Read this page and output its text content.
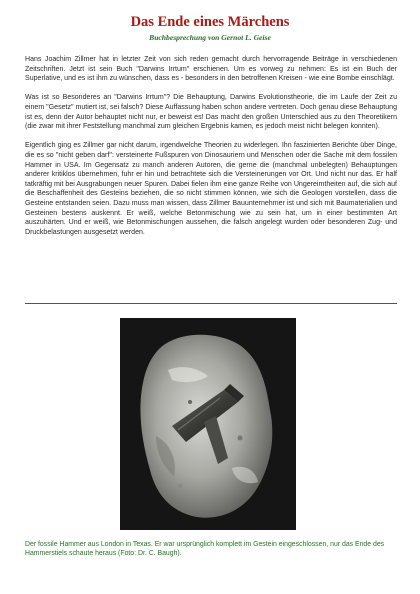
Das Ende eines Märchens
Buchbesprechung von Gernot L. Geise

Hans Joachim Zillmer hat in letzter Zeit von sich reden gemacht durch hervorragende Beiträge in verschiedenen Zeitschriften. Jetzt ist sein Buch "Darwins Irrtum" erschienen. Um es vorweg zu nehmen: Es ist ein Buch der Superlative, und es ist ihm zu wünschen, dass es - besonders in den betroffenen Kreisen - wie eine Bombe einschlägt.

Was ist so Besonderes an "Darwins Irrtum"? Die Behauptung, Darwins Evolutionstheorie, die im Laufe der Zeit zu einem "Gesetz" mutiert ist, sei falsch? Diese Auffassung haben schon andere vertreten. Doch genau diese Behauptung ist es, denn der Autor behauptet nicht nur, er beweist es! Das macht den großen Unterschied aus zu den Theoretikern (die zwar mit ihrer Feststellung manchmal zum gleichen Ergebnis kamen, es jedoch meist nicht belegen konnten).

Eigentlich ging es Zillmer gar nicht darum, irgendwelche Theorien zu widerlegen. Ihn faszinierten Berichte über Dinge, die es so "nicht geben darf": versteinerte Fußspuren von Dinosauriern und Menschen oder die Sache mit dem fossilen Hammer in USA. Im Gegensatz zu manch anderen Autoren, die gerne die (manchmal unbelegten) Behauptungen anderer kritiklos übernehmen, fuhr er hin und betrachtete sich die Versteinerungen vor Ort. Und nicht nur das. Er half tatkräftig mit bei Ausgrabungen neuer Spuren. Dabei fielen ihm eine ganze Reihe von Ungereimtheiten auf, die sich auf die Beschaffenheit des Gesteins beziehen, die so nicht stimmen können, wie sich die Geologen vorstellen, dass die Gesteine entstanden seien. Dazu muss man wissen, dass Zillmer Bauunternehmer ist und sich mit Baumaterialien und Gesteinen bestens auskennt. Er weiß, welche Betonmischung wie zu sein hat, um in einer bestimmten Art auszuhärten. Und er weiß, wie Betonmischungen aussehen, die falsch angelegt wurden oder besonderen Zug- und Druckbelastungen ausgesetzt werden.

Der fossile Hammer aus London in Texas. Er war ursprünglich komplett im Gestein eingeschlossen, nur das Ende des Hammerstiels schaute heraus (Foto: Dr. C. Baugh).
